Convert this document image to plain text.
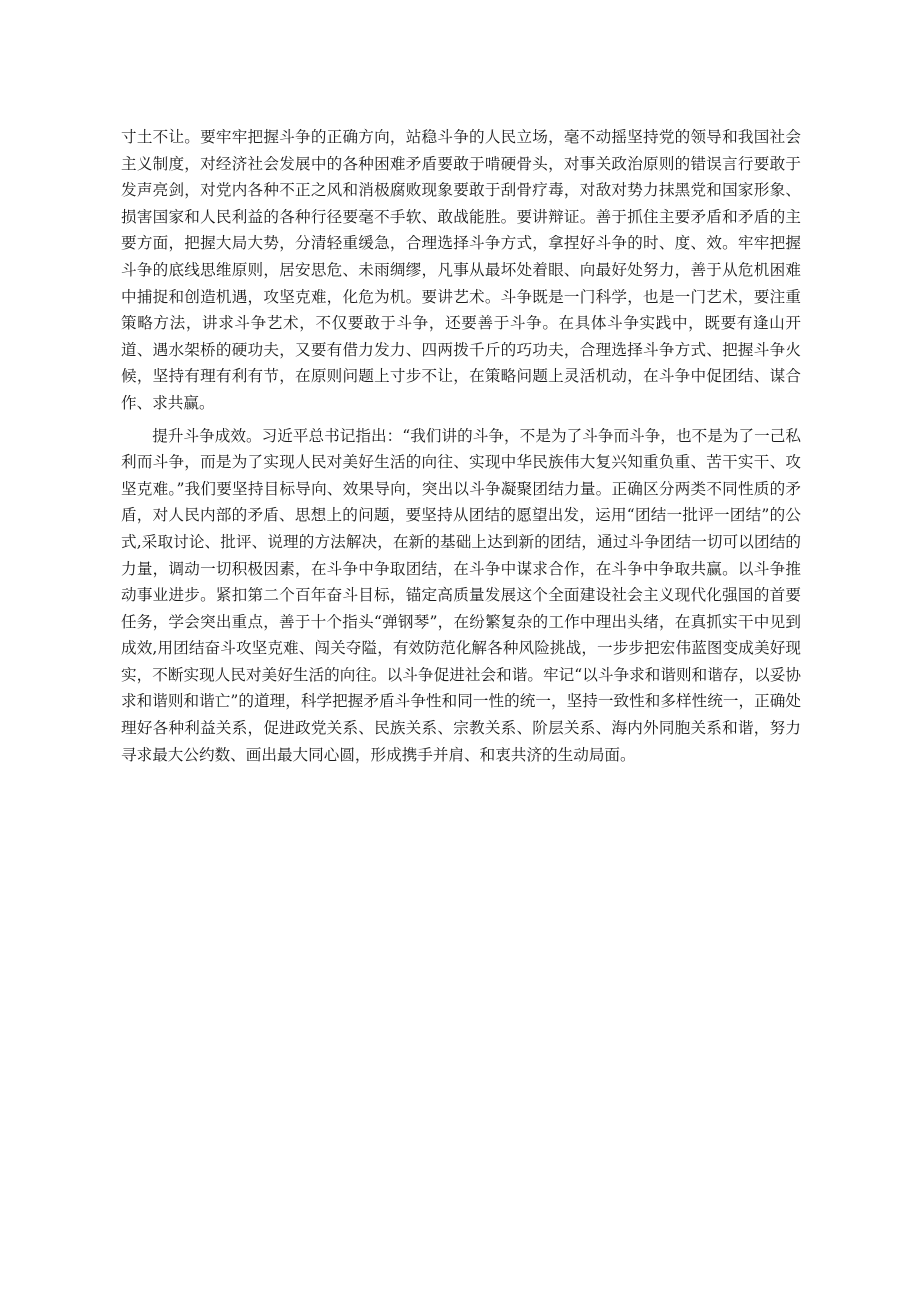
寸土不让。要牢牢把握斗争的正确方向，站稳斗争的人民立场，毫不动摇坚持党的领导和我国社会主义制度，对经济社会发展中的各种困难矛盾要敢于啃硬骨头，对事关政治原则的错误言行要敢于发声亮剑，对党内各种不正之风和消极腐败现象要敢于刮骨疗毒，对敌对势力抹黑党和国家形象、损害国家和人民利益的各种行径要毫不手软、敢战能胜。要讲辩证。善于抓住主要矛盾和矛盾的主要方面，把握大局大势，分清轻重缓急，合理选择斗争方式，拿捏好斗争的时、度、效。牢牢把握斗争的底线思维原则，居安思危、未雨绸缪，凡事从最坏处着眼、向最好处努力，善于从危机困难中捕捉和创造机遇，攻坚克难，化危为机。要讲艺术。斗争既是一门科学，也是一门艺术，要注重策略方法，讲求斗争艺术，不仅要敢于斗争，还要善于斗争。在具体斗争实践中，既要有逢山开道、遇水架桥的硬功夫，又要有借力发力、四两拨千斤的巧功夫，合理选择斗争方式、把握斗争火候，坚持有理有利有节，在原则问题上寸步不让，在策略问题上灵活机动，在斗争中促团结、谋合作、求共赢。

提升斗争成效。习近平总书记指出：“我们讲的斗争，不是为了斗争而斗争，也不是为了一己私利而斗争，而是为了实现人民对美好生活的向往、实现中华民族伟大复兴知重负重、苦干实干、攻坚克难。”我们要坚持目标导向、效果导向，突出以斗争凝聚团结力量。正确区分两类不同性质的矛盾，对人民内部的矛盾、思想上的问题，要坚持从团结的愿望出发，运用“团结一批评一团结”的公式,采取讨论、批评、说理的方法解决，在新的基础上达到新的团结，通过斗争团结一切可以团结的力量，调动一切积极因素，在斗争中争取团结，在斗争中谋求合作，在斗争中争取共赢。以斗争推动事业进步。紧扣第二个百年奋斗目标，锚定高质量发展这个全面建设社会主义现代化强国的首要任务，学会突出重点，善于十个指头“弹钢琴”，在纷繁复杂的工作中理出头绪，在真抓实干中见到成效,用团结奋斗攻坚克难、闯关夺隘，有效防范化解各种风险挑战，一步步把宏伟蓝图变成美好现实，不断实现人民对美好生活的向往。以斗争促进社会和谐。牢记“以斗争求和谐则和谐存，以妥协求和谐则和谐亡”的道理，科学把握矛盾斗争性和同一性的统一，坚持一致性和多样性统一，正确处理好各种利益关系，促进政党关系、民族关系、宗教关系、阶层关系、海内外同胞关系和谐，努力寻求最大公约数、画出最大同心圆，形成携手并肩、和衷共济的生动局面。
